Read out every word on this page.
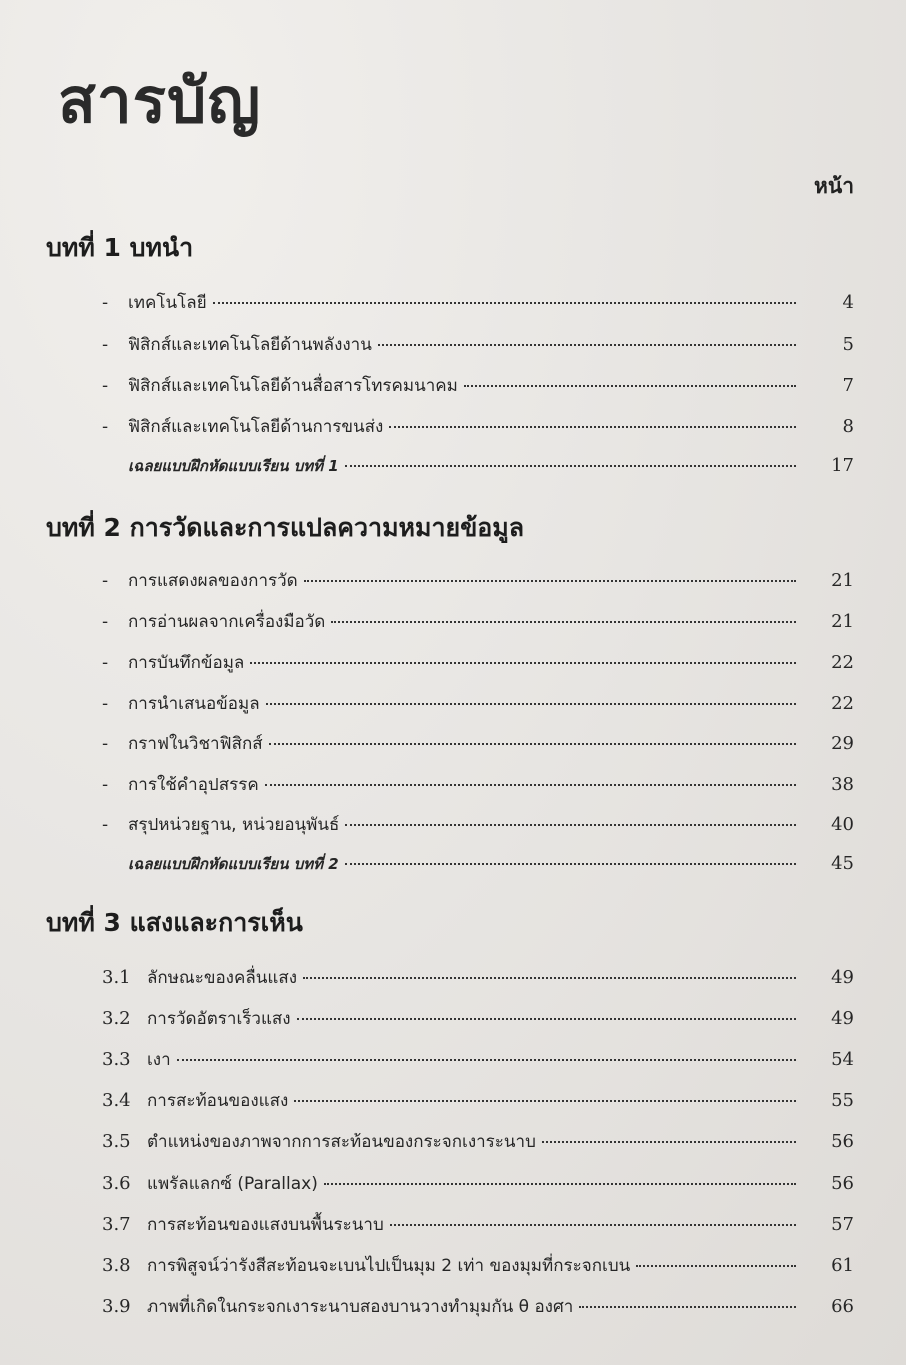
สารบัญ
หน้า
บทที่ 1 บทนำ
-	เทคโนโลยี	4
-	ฟิสิกส์และเทคโนโลยีด้านพลังงาน	5
-	ฟิสิกส์และเทคโนโลยีด้านสื่อสารโทรคมนาคม	7
-	ฟิสิกส์และเทคโนโลยีด้านการขนส่ง	8
เฉลยแบบฝึกหัดแบบเรียน บทที่ 1	17
บทที่ 2 การวัดและการแปลความหมายข้อมูล
-	การแสดงผลของการวัด	21
-	การอ่านผลจากเครื่องมือวัด	21
-	การบันทึกข้อมูล	22
-	การนำเสนอข้อมูล	22
-	กราฟในวิชาฟิสิกส์	29
-	การใช้คำอุปสรรค	38
-	สรุปหน่วยฐาน, หน่วยอนุพันธ์	40
เฉลยแบบฝึกหัดแบบเรียน บทที่ 2	45
บทที่ 3 แสงและการเห็น
3.1 ลักษณะของคลื่นแสง	49
3.2 การวัดอัตราเร็วแสง	49
3.3 เงา	54
3.4 การสะท้อนของแสง	55
3.5 ตำแหน่งของภาพจากการสะท้อนของกระจกเงาระนาบ	56
3.6 แพรัลแลกซ์ (Parallax)	56
3.7 การสะท้อนของแสงบนพื้นระนาบ	57
3.8 การพิสูจน์ว่ารังสีสะท้อนจะเบนไปเป็นมุม 2 เท่า ของมุมที่กระจกเบน	61
3.9 ภาพที่เกิดในกระจกเงาระนาบสองบานวางทำมุมกัน θ องศา	66
